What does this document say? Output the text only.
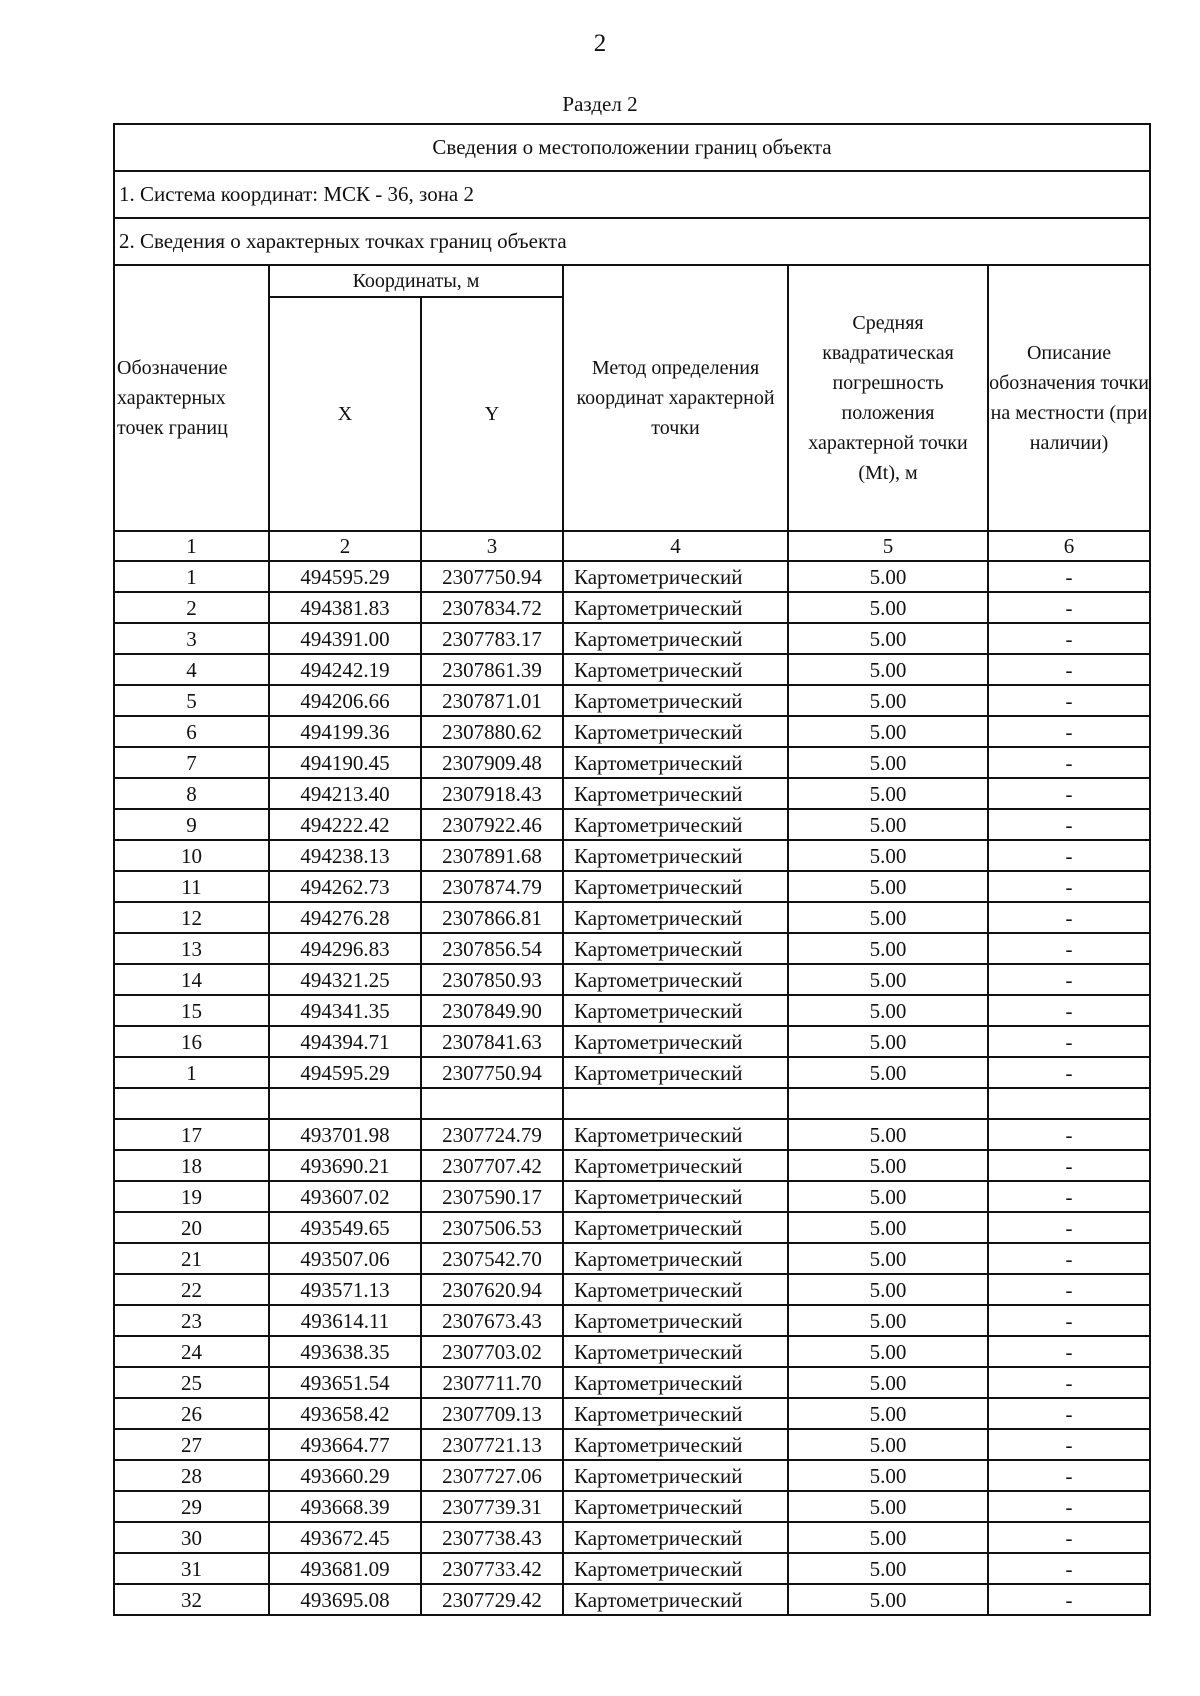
2
Раздел 2
Сведения о местоположении границ объекта					
1. Система координат: МСК - 36, зона 2					
2. Сведения о характерных точках границ объекта					
Обозначение характерных точек границ	Координаты, м		Метод определения координат характерной точки	Средняя квадратическая погрешность положения характерной точки (Mt), м	Описание обозначения точки на местности (при наличии)
	X	Y			
1	2	3	4	5	6
1	494595.29	2307750.94	Картометрический	5.00	-
2	494381.83	2307834.72	Картометрический	5.00	-
3	494391.00	2307783.17	Картометрический	5.00	-
4	494242.19	2307861.39	Картометрический	5.00	-
5	494206.66	2307871.01	Картометрический	5.00	-
6	494199.36	2307880.62	Картометрический	5.00	-
7	494190.45	2307909.48	Картометрический	5.00	-
8	494213.40	2307918.43	Картометрический	5.00	-
9	494222.42	2307922.46	Картометрический	5.00	-
10	494238.13	2307891.68	Картометрический	5.00	-
11	494262.73	2307874.79	Картометрический	5.00	-
12	494276.28	2307866.81	Картометрический	5.00	-
13	494296.83	2307856.54	Картометрический	5.00	-
14	494321.25	2307850.93	Картометрический	5.00	-
15	494341.35	2307849.90	Картометрический	5.00	-
16	494394.71	2307841.63	Картометрический	5.00	-
1	494595.29	2307750.94	Картометрический	5.00	-

17	493701.98	2307724.79	Картометрический	5.00	-
18	493690.21	2307707.42	Картометрический	5.00	-
19	493607.02	2307590.17	Картометрический	5.00	-
20	493549.65	2307506.53	Картометрический	5.00	-
21	493507.06	2307542.70	Картометрический	5.00	-
22	493571.13	2307620.94	Картометрический	5.00	-
23	493614.11	2307673.43	Картометрический	5.00	-
24	493638.35	2307703.02	Картометрический	5.00	-
25	493651.54	2307711.70	Картометрический	5.00	-
26	493658.42	2307709.13	Картометрический	5.00	-
27	493664.77	2307721.13	Картометрический	5.00	-
28	493660.29	2307727.06	Картометрический	5.00	-
29	493668.39	2307739.31	Картометрический	5.00	-
30	493672.45	2307738.43	Картометрический	5.00	-
31	493681.09	2307733.42	Картометрический	5.00	-
32	493695.08	2307729.42	Картометрический	5.00	-
